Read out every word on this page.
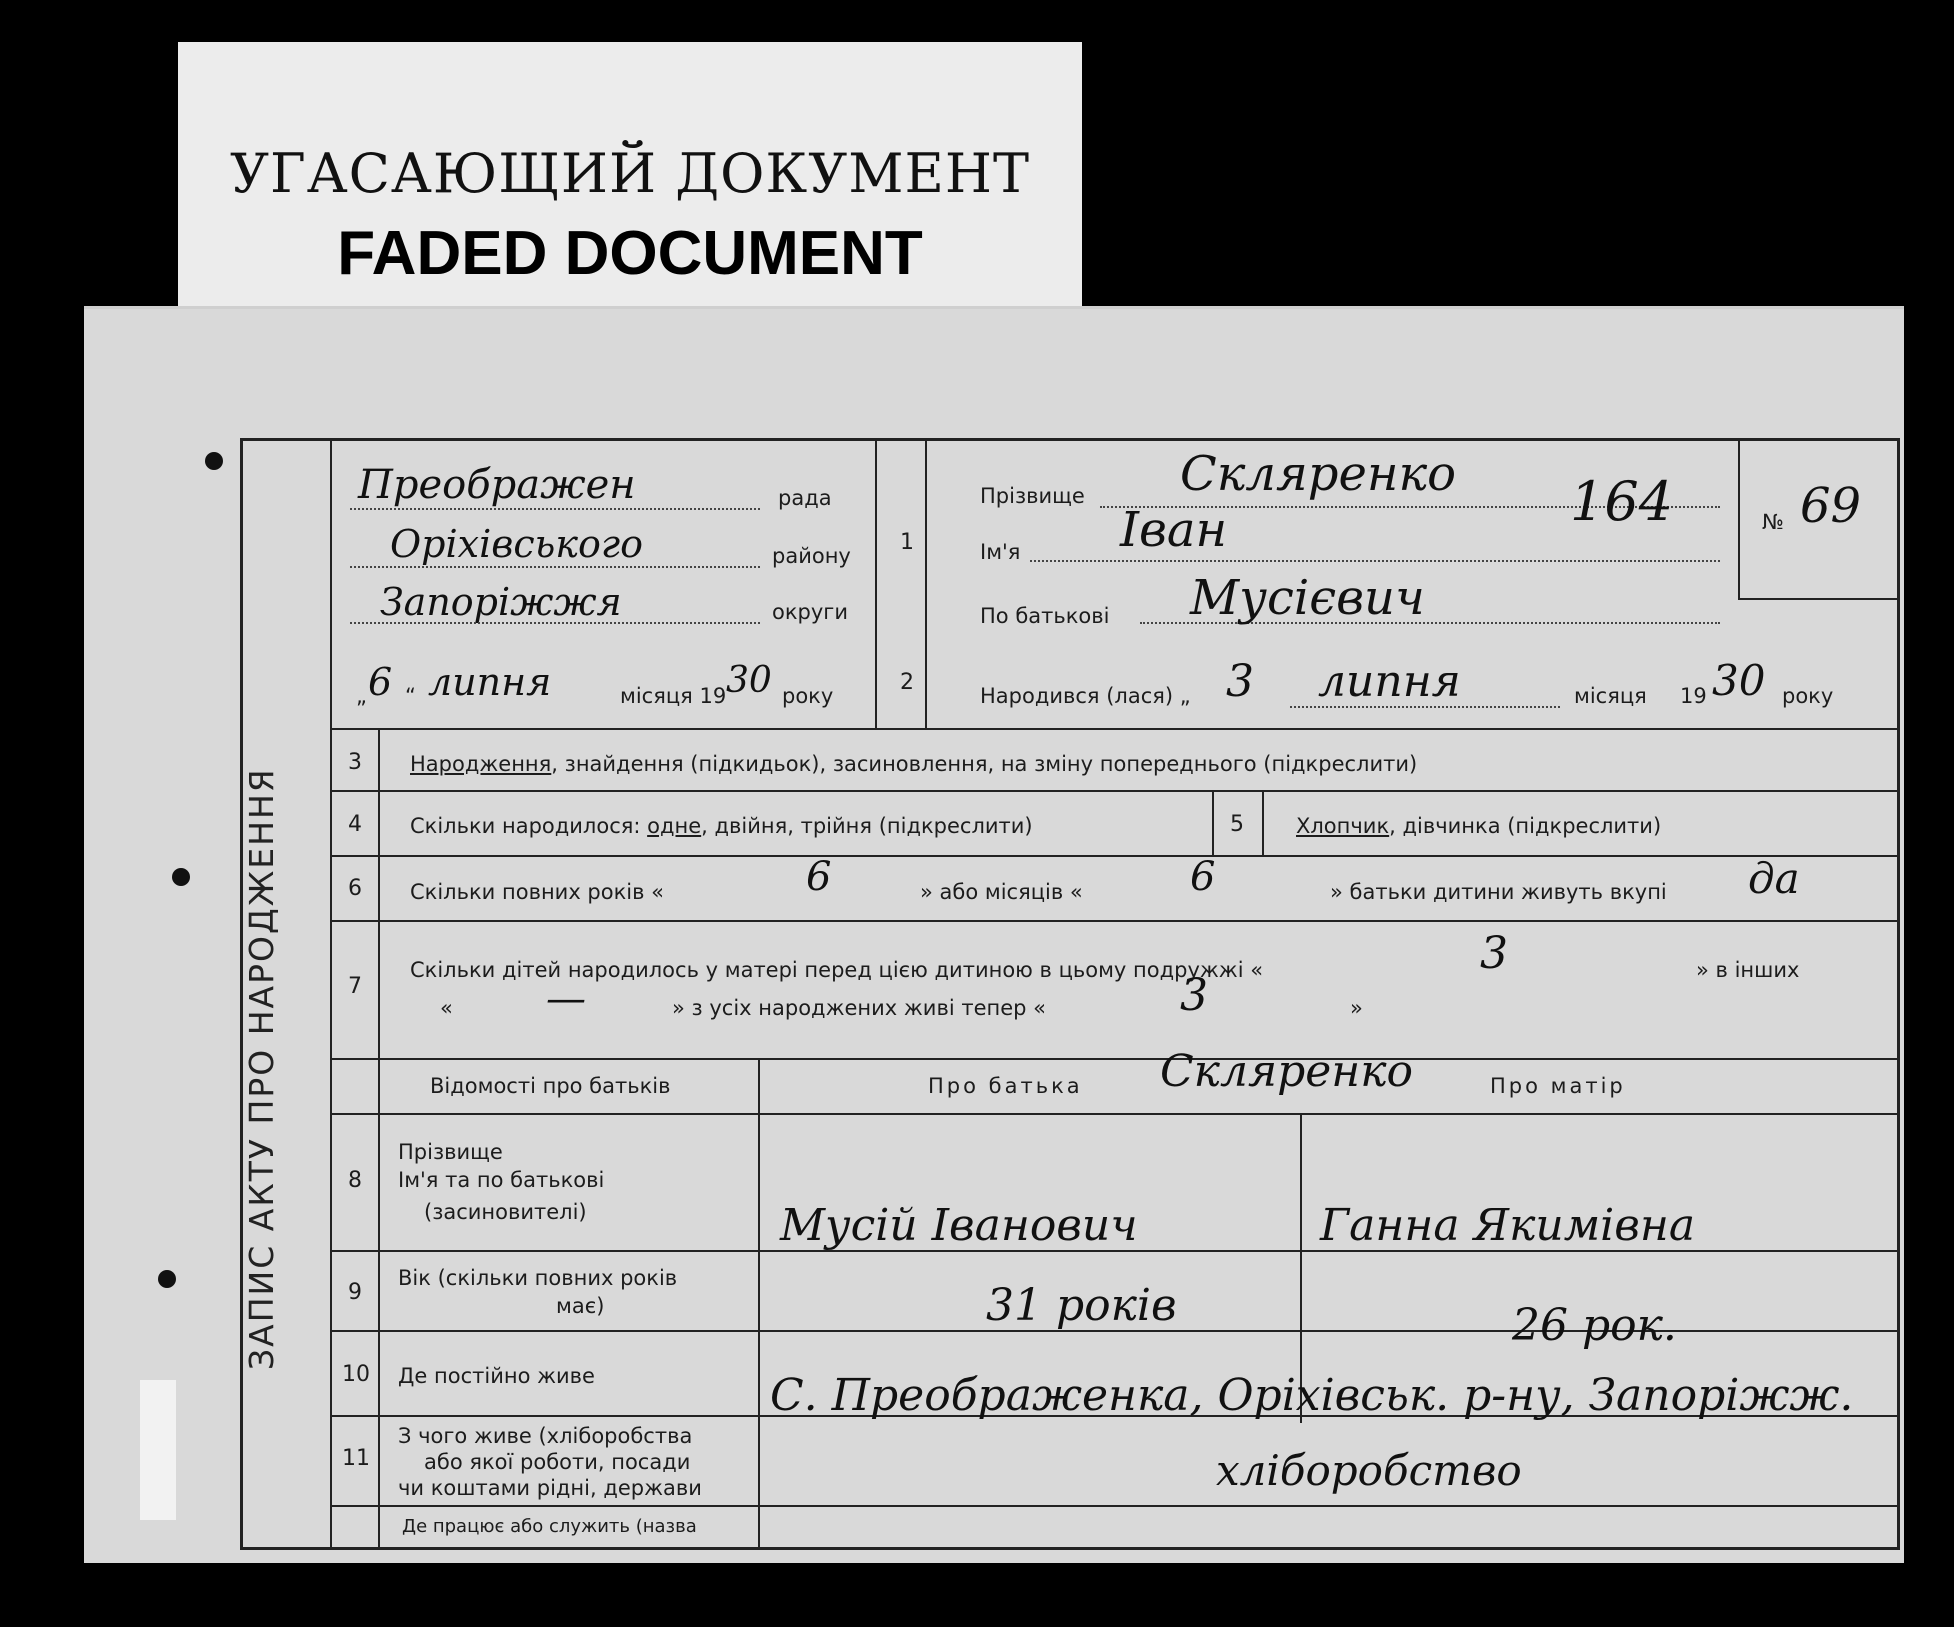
УГАСАЮЩИЙ ДОКУМЕНТ
FADED DOCUMENT
ЗАПИС АКТУ ПРО НАРОДЖЕННЯ
Преображен	рада
Оріхівського	району
Запоріжжя	округи
„ 6 “ липня	місяця 19 30 року
1
Прізвище Скляренко 164
Ім'я Іван
По батькові Мусієвич
№ 69
2
Народився (лася) „ 3 липня	місяця 19 30 року
3 Народження, знайдення (підкидьок), засиновлення, на зміну попереднього (підкреслити)
4 Скільки народилося: одне, двійня, трійня (підкреслити)	5 Хлопчик, дівчинка (підкреслити)
6 Скільки повних років «	6	» або місяців «	6	» батьки дитини живуть вкупі да
7
Скільки дітей народилось у матері перед цією дитиною в цьому подружжі «	3	» в інших
« —	» з усіх народжених живі тепер «	3	»
Відомості про батьків	Про батька Скляренко	Про матір
8
Прізвище
Ім'я та по батькові
(засиновителі)	Мусій Іванович	Ганна Якимівна
9
Вік (скільки повних років
має)	31 років	26 рок.
10 Де постійно живе	С. Преображенка, Оріхівськ. р-ну, Запоріжж.
11
З чого живе (хліборобства
або якої роботи, посади
чи коштами рідні, держави	хліборобство
Де працює або служить (назва
